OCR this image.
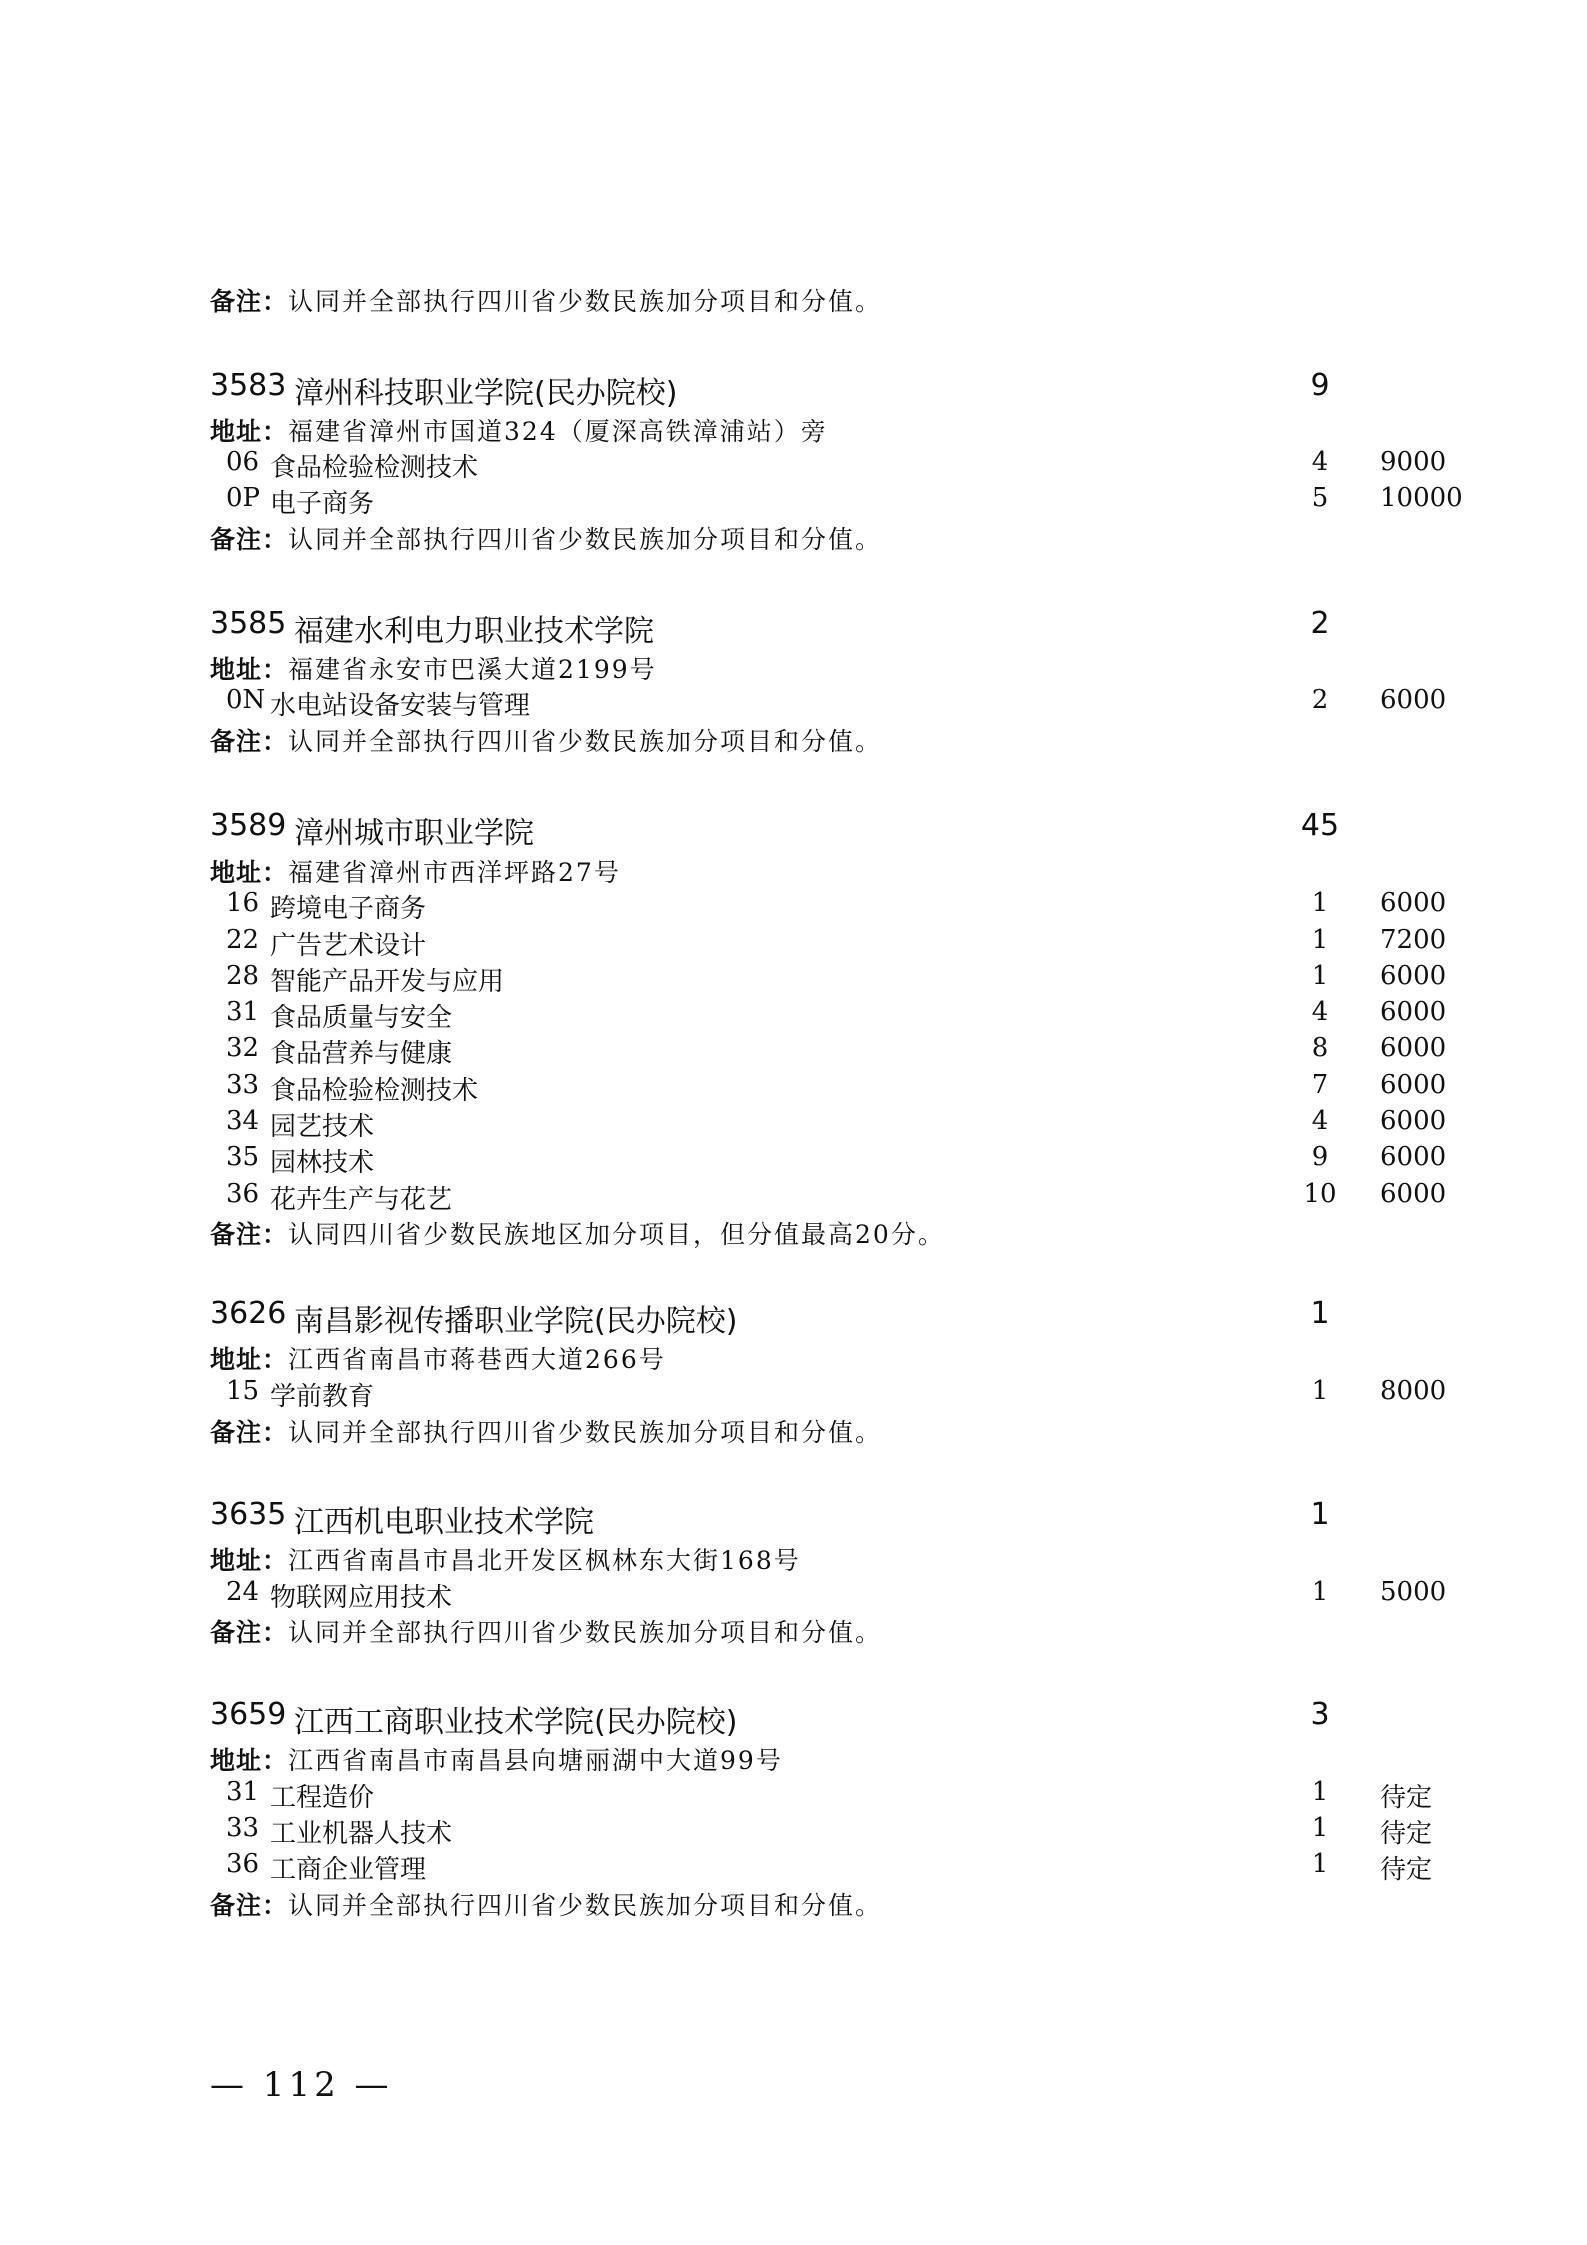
备注：认同并全部执行四川省少数民族加分项目和分值。
3583 漳州科技职业学院(民办院校)	9
地址：福建省漳州市国道324（厦深高铁漳浦站）旁
06 食品检验检测技术	4	9000
0P 电子商务	5	10000
备注：认同并全部执行四川省少数民族加分项目和分值。
3585 福建水利电力职业技术学院	2
地址：福建省永安市巴溪大道2199号
0N 水电站设备安装与管理	2	6000
备注：认同并全部执行四川省少数民族加分项目和分值。
3589 漳州城市职业学院	45
地址：福建省漳州市西洋坪路27号
16 跨境电子商务	1	6000
22 广告艺术设计	1	7200
28 智能产品开发与应用	1	6000
31 食品质量与安全	4	6000
32 食品营养与健康	8	6000
33 食品检验检测技术	7	6000
34 园艺技术	4	6000
35 园林技术	9	6000
36 花卉生产与花艺	10	6000
备注：认同四川省少数民族地区加分项目，但分值最高20分。
3626 南昌影视传播职业学院(民办院校)	1
地址：江西省南昌市蒋巷西大道266号
15 学前教育	1	8000
备注：认同并全部执行四川省少数民族加分项目和分值。
3635 江西机电职业技术学院	1
地址：江西省南昌市昌北开发区枫林东大街168号
24 物联网应用技术	1	5000
备注：认同并全部执行四川省少数民族加分项目和分值。
3659 江西工商职业技术学院(民办院校)	3
地址：江西省南昌市南昌县向塘丽湖中大道99号
31 工程造价	1	待定
33 工业机器人技术	1	待定
36 工商企业管理	1	待定
备注：认同并全部执行四川省少数民族加分项目和分值。
— 112 —
